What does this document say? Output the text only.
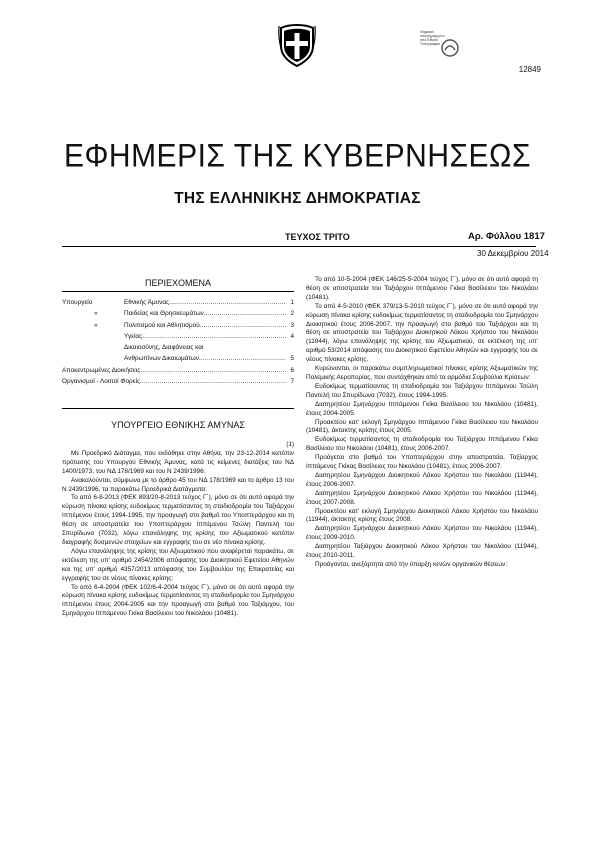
Ψηφιακά
υπογεγραμμένο
από Εθνικό
Τυπογραφείο
12849
ΕΦΗΜΕΡΙΣ ΤΗΣ ΚΥΒΕΡΝΗΣΕΩΣ
ΤΗΣ ΕΛΛΗΝΙΚΗΣ ΔΗΜΟΚΡΑΤΙΑΣ
ΤΕΥΧΟΣ ΤΡΙΤΟ	Αρ. Φύλλου 1817
30 Δεκεμβρίου 2014
ΠΕΡΙΕΧΟΜΕΝΑ
Υπουργείο	Εθνικής Άμυνας .....	1
»	Παιδείας και Θρησκευμάτων .....	2
»	Πολιτισμού και Αθλητισμού .....	3
Υγείας .....	4
Δικαιοσύνης, Διαφάνειας και
Ανθρωπίνων Δικαιωμάτων .....	5
Αποκεντρωμένες Διοικήσεις .....	6
Οργανισμοί - Λοιποί Φορείς .....	7
ΥΠΟΥΡΓΕΙΟ ΕΘΝΙΚΗΣ ΑΜΥΝΑΣ

(1)

Με Προεδρικό Διάταγμα, που εκδόθηκε στην Αθήνα, την 23-12-2014 κατόπιν πρότασης του Υπουργού Εθνικής Άμυνας, κατά τις κείμενες διατάξεις του ΝΔ 1400/1973, του ΝΔ 178/1969 και του Ν 2439/1996:

Ανακαλούνται, σύμφωνα με το άρθρο 45 του ΝΔ 178/1969 και το άρθρο 13 του Ν 2439/1996, τα παρακάτω Προεδρικά Διατάγματα:

Το από 6-8-2013 (ΦΕΚ 893/20-8-2013 τεύχος Γ΄), μόνο σε ότι αυτό αφορά την κύρωση πίνακα κρίσης ευδοκίμως τερματίσαντος τη σταδιοδρομία του Ταξιάρχου Ιππέμενου έτους 1994-1995, την προαγωγή στο βαθμό του Υποπτεράρχου και τη θέση σε αποστρατεία του Υποπτεράρχου Ιππέμενου Τσώλη Παντελή του Σπυρίδωνα (7032), λόγω επανάληψης της κρίσης του Αξιωματικού κατόπιν διαγραφής δυσμενών στοιχείων και εγγραφής του σε νέο πίνακα κρίσης.

Λόγω επανάληψης της κρίσης του Αξιωματικού που αναφέρεται παρακάτω, σε εκτέλεση της υπ' αριθμό 2454/2006 απόφασης του Διοικητικού Εφετείου Αθηνών και της υπ' αριθμό 4357/2013 απόφασης του Συμβουλίου της Επικρατείας και εγγραφής του σε νέους πίνακες κρίσης:

Το από 6-4-2004 (ΦΕΚ 102/6-4-2004 τεύχος Γ΄), μόνο σε ότι αυτό αφορά την κύρωση πίνακα κρίσης ευδοκίμως τερματίσαντος τη σταδιοδρομία του Σμηνάρχου Ιππέμενου έτους 2004-2005 και την προαγωγή στο βαθμό του Ταξιάρχου, του Σμηνάρχου Ιππάμενου Γκίκα Βασίλειου του Νικολάου (10481).

Το από 10-5-2004 (ΦΕΚ 146/25-5-2004 τεύχος Γ΄), μόνο σε ότι αυτό αφορά τη θέση σε αποστρατεία του Ταξιάρχου Ιππάμενου Γκίκα Βασίλειου του Νικολάου (10481).

Το από 4-5-2010 (ΦΕΚ 379/13-5-2010 τεύχος Γ΄), μόνο σε ότι αυτό αφορά την κύρωση πίνακα κρίσης ευδοκίμως τερματίσαντος τη σταδιοδρομία του Σμηνάρχου Διοικητικού έτους 2006-2007, την προαγωγή στο βαθμό του Ταξιάρχου και τη θέση σε αποστρατεία του Ταξιάρχου Διοικητικού Λάκου Χρήστου του Νικολάου (11944), λόγω επανάληψης της κρίσης του Αξιωματικού, σε εκτέλεση της υπ' αριθμό 53/2014 απόφασης του Διοικητικού Εφετείου Αθηνών και εγγραφής του σε νέους πίνακες κρίσης.

Κυρώνονται, οι παρακάτω συμπληρωματικοί πίνακες κρίσης Αξιωματικών της Πολεμικής Αεροπορίας, που συντάχθηκαν από τα αρμόδια Συμβούλια Κρίσεων:

Ευδοκίμως τερματίσαντος τη σταδιοδρομία του Ταξιάρχου Ιππάμενου Τσώλη Παντελή του Σπυρίδωνα (7032), έτους 1994-1995.

Διατηρητέου Σμηνάρχου Ιππάμενου Γκίκα Βασίλειου του Νικολάου (10481), έτους 2004-2005.

Προακτέου κατ' εκλογή Σμηνάρχου Ιππάμενου Γκίκα Βασίλειου του Νικολάου (10481), άκτακτης κρίσης έτους 2005.

Ευδοκίμως τερματίσαντος τη σταδιοδρομία του Ταξιάρχου Ιππάμενου Γκίκα Βασίλειου του Νικολάου (10481), έτους 2006-2007.

Προάγεται στο βαθμό του Υποπτεράρχου στην αποστρατεία, Ταξίαρχος Ιππάμενος Γκίκας Βασίλειος του Νικολάου (10481), έτους 2006-2007.

Διατηρητέου Σμηνάρχου Διοικητικού Λάκου Χρήστου του Νικολάου (11944), έτους 2006-2007.

Διατηρητέου Σμηνάρχου Διοικητικού Λάκου Χρήστου του Νικολάου (11944), έτους 2007-2008.

Προακτέου κατ' εκλογή Σμηνάρχου Διοικητικού Λάκου Χρήστου του Νικολάου (11944), άκτακτης κρίσης έτους 2008.

Διατηρητέου Σμηνάρχου Διοικητικού Λάκου Χρήστου του Νικολάου (11944), έτους 2009-2010.

Διατηρητέου Ταξιάρχου Διοικητικού Λάκου Χρήστου του Νικολάου (11944), έτους 2010-2011.

Προάγονται, ανεξάρτητα από την ύπαρξη κενών οργανικών θέσεων:
